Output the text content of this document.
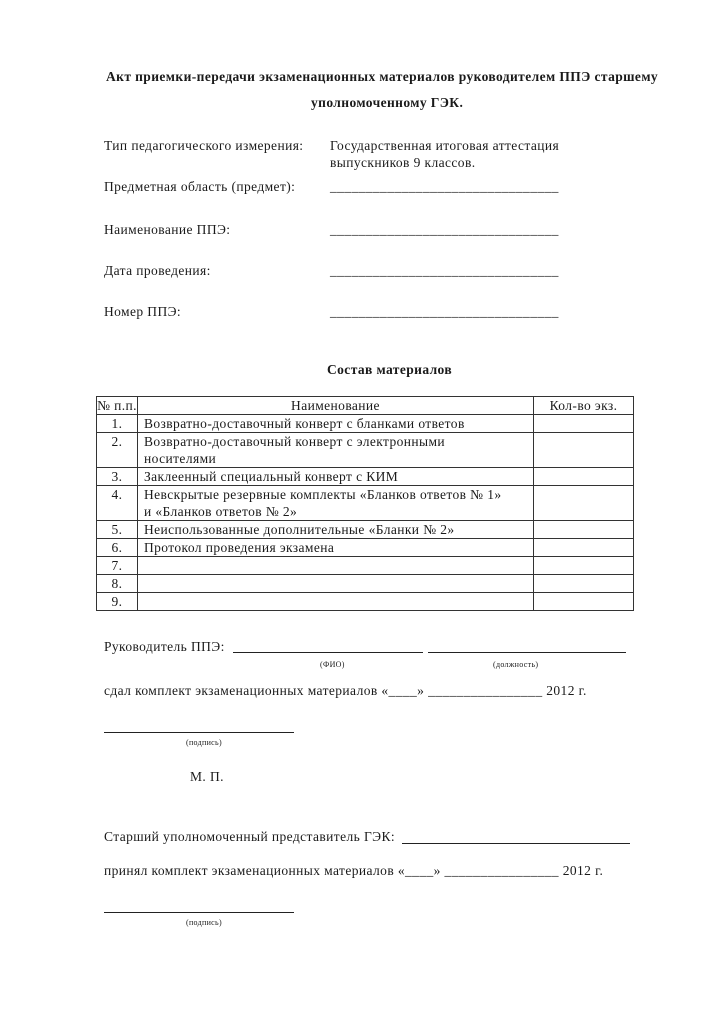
Акт приемки-передачи экзаменационных материалов руководителем ППЭ старшему
уполномоченному ГЭК.
Тип педагогического измерения: Государственная итоговая аттестация
выпускников 9 классов.
Предметная область (предмет):	________________________________
Наименование ППЭ:	________________________________
Дата проведения:	________________________________
Номер ППЭ:	________________________________
Состав материалов
№ п.п.	Наименование	Кол-во экз.
1.	Возвратно-доставочный конверт с бланками ответов	
2.	Возвратно-доставочный конверт с электронными
носителями	
3.	Заклеенный специальный конверт с КИМ	
4.	Невскрытые резервные комплекты «Бланков ответов № 1»
и «Бланков ответов № 2»	
5.	Неиспользованные дополнительные «Бланки № 2»	
6.	Протокол проведения экзамена	
7.		
8.		
9.		
Руководитель ППЭ:
(ФИО)	(должность)
сдал комплект экзаменационных материалов «____» ________________ 2012 г.
(подпись)
М. П.
Старший уполномоченный представитель ГЭК:
принял комплект экзаменационных материалов «____» ________________ 2012 г.
(подпись)
